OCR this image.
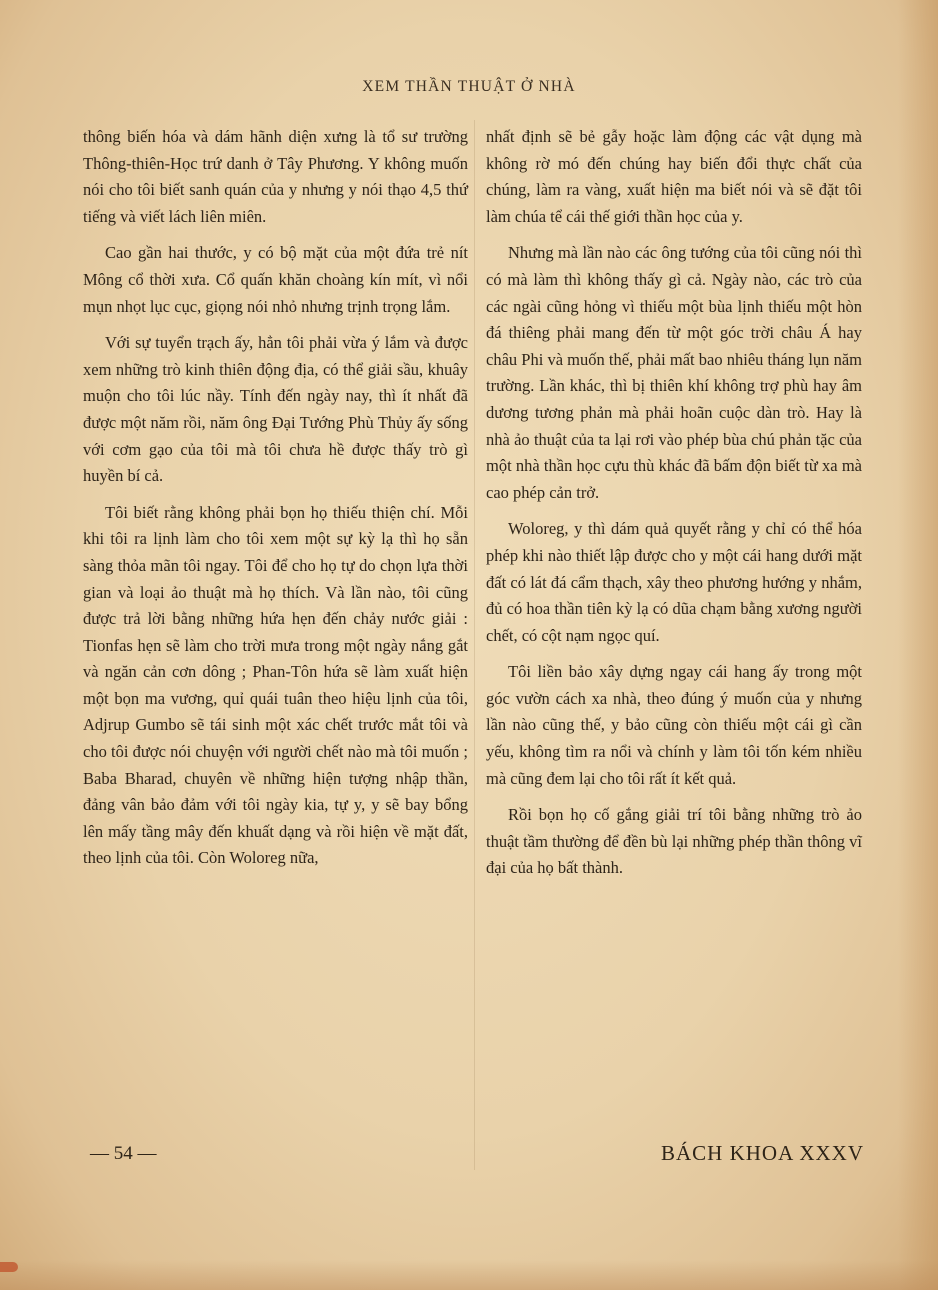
XEM THẦN THUẬT Ở NHÀ

thông biến hóa và dám hãnh diện xưng là tổ sư trường Thông-thiên-Học trứ danh ở Tây Phương. Y không muốn nói cho tôi biết sanh quán của y nhưng y nói thạo 4,5 thứ tiếng và viết lách liên miên.

Cao gần hai thước, y có bộ mặt của một đứa trẻ nít Mông cổ thời xưa. Cổ quấn khăn choàng kín mít, vì nổi mụn nhọt lục cục, giọng nói nhỏ nhưng trịnh trọng lắm.

Với sự tuyển trạch ấy, hẳn tôi phải vừa ý lắm và được xem những trò kinh thiên động địa, có thể giải sầu, khuây muộn cho tôi lúc nầy. Tính đến ngày nay, thì ít nhất đã được một năm rồi, năm ông Đại Tướng Phù Thủy ấy sống với cơm gạo của tôi mà tôi chưa hề được thấy trò gì huyền bí cả.

Tôi biết rằng không phải bọn họ thiếu thiện chí. Mỗi khi tôi ra lịnh làm cho tôi xem một sự kỳ lạ thì họ sẵn sàng thỏa mãn tôi ngay. Tôi để cho họ tự do chọn lựa thời gian và loại ảo thuật mà họ thích. Và lần nào, tôi cũng được trả lời bằng những hứa hẹn đến chảy nước giải : Tionfas hẹn sẽ làm cho trời mưa trong một ngày nắng gắt và ngăn cản cơn dông ; Phan-Tôn hứa sẽ làm xuất hiện một bọn ma vương, quỉ quái tuân theo hiệu lịnh của tôi, Adjrup Gumbo sẽ tái sinh một xác chết trước mắt tôi và cho tôi được nói chuyện với người chết nào mà tôi muốn ; Baba Bharad, chuyên về những hiện tượng nhập thần, đảng vân bảo đảm với tôi ngày kia, tự y, y sẽ bay bổng lên mấy tầng mây đến khuất dạng và rồi hiện về mặt đất, theo lịnh của tôi. Còn Woloreg nữa,

nhất định sẽ bẻ gẫy hoặc làm động các vật dụng mà không rờ mó đến chúng hay biến đổi thực chất của chúng, làm ra vàng, xuất hiện ma biết nói và sẽ đặt tôi làm chúa tể cái thế giới thần học của y.

Nhưng mà lần nào các ông tướng của tôi cũng nói thì có mà làm thì không thấy gì cả. Ngày nào, các trò của các ngài cũng hỏng vì thiếu một bùa lịnh thiếu một hòn đá thiêng phải mang đến từ một góc trời châu Á hay châu Phi và muốn thế, phải mất bao nhiêu tháng lụn năm trường. Lần khác, thì bị thiên khí không trợ phù hay âm dương tương phản mà phải hoãn cuộc dàn trò. Hay là nhà ảo thuật của ta lại rơi vào phép bùa chú phản tặc của một nhà thần học cựu thù khác đã bấm độn biết từ xa mà cao phép cản trở.

Woloreg, y thì dám quả quyết rằng y chỉ có thể hóa phép khi nào thiết lập được cho y một cái hang dưới mặt đất có lát đá cẩm thạch, xây theo phương hướng y nhắm, đủ có hoa thần tiên kỳ lạ có dũa chạm bằng xương người chết, có cột nạm ngọc quí.

Tôi liền bảo xây dựng ngay cái hang ấy trong một góc vườn cách xa nhà, theo đúng ý muốn của y nhưng lần nào cũng thế, y bảo cũng còn thiếu một cái gì cần yếu, không tìm ra nổi và chính y làm tôi tốn kém nhiều mà cũng đem lại cho tôi rất ít kết quả.

Rồi bọn họ cố gắng giải trí tôi bằng những trò ảo thuật tầm thường để đền bù lại những phép thần thông vĩ đại của họ bất thành.

— 54 —	BÁCH KHOA XXXV
